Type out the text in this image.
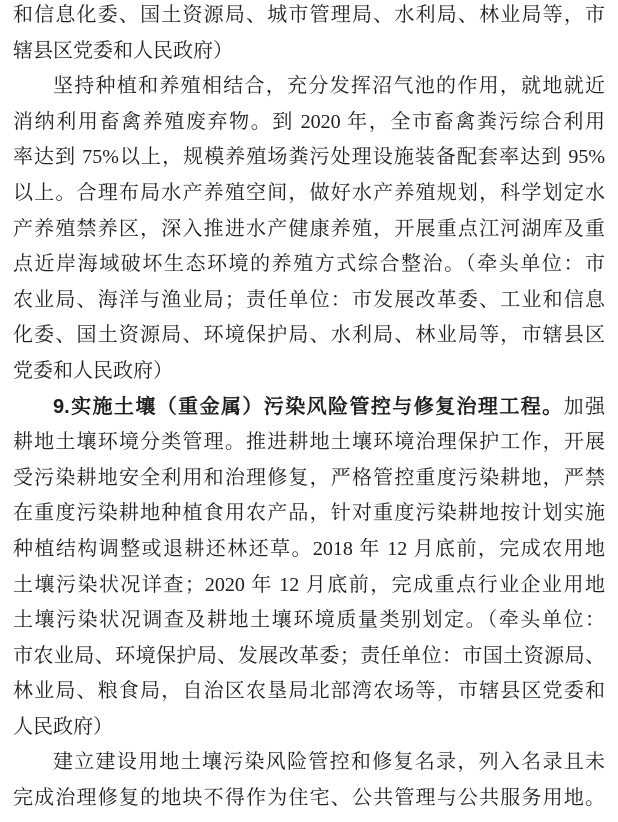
和信息化委、国土资源局、城市管理局、水利局、林业局等，市
辖县区党委和人民政府）
坚持种植和养殖相结合，充分发挥沼气池的作用，就地就近
消纳利用畜禽养殖废弃物。到 2020 年，全市畜禽粪污综合利用
率达到 75%以上，规模养殖场粪污处理设施装备配套率达到 95%
以上。合理布局水产养殖空间，做好水产养殖规划，科学划定水
产养殖禁养区，深入推进水产健康养殖，开展重点江河湖库及重
点近岸海域破坏生态环境的养殖方式综合整治。（牵头单位：市
农业局、海洋与渔业局；责任单位：市发展改革委、工业和信息
化委、国土资源局、环境保护局、水利局、林业局等，市辖县区
党委和人民政府）
9.实施土壤（重金属）污染风险管控与修复治理工程。加强
耕地土壤环境分类管理。推进耕地土壤环境治理保护工作，开展
受污染耕地安全利用和治理修复，严格管控重度污染耕地，严禁
在重度污染耕地种植食用农产品，针对重度污染耕地按计划实施
种植结构调整或退耕还林还草。2018 年 12 月底前，完成农用地
土壤污染状况详查；2020 年 12 月底前，完成重点行业企业用地
土壤污染状况调查及耕地土壤环境质量类别划定。（牵头单位：
市农业局、环境保护局、发展改革委；责任单位：市国土资源局、
林业局、粮食局，自治区农垦局北部湾农场等，市辖县区党委和
人民政府）
建立建设用地土壤污染风险管控和修复名录，列入名录且未
完成治理修复的地块不得作为住宅、公共管理与公共服务用地。
